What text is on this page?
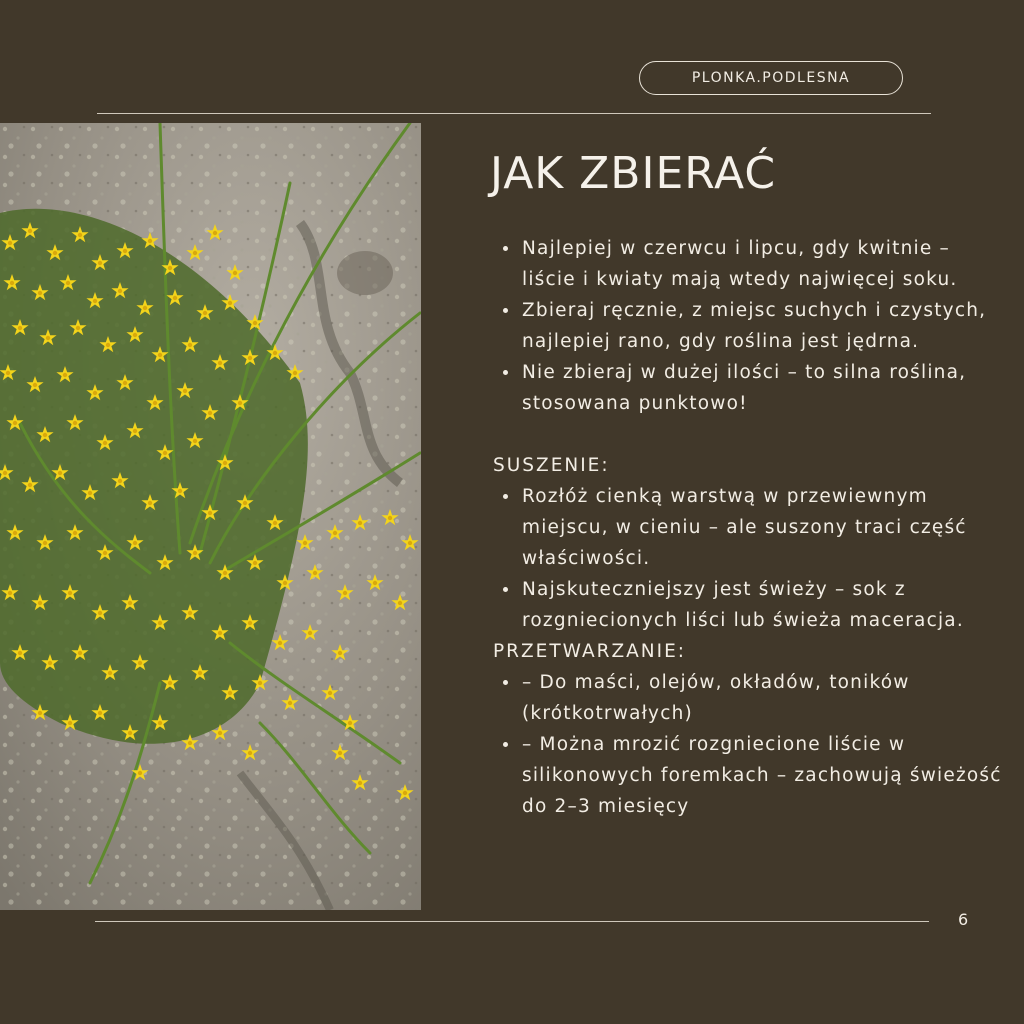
PLONKA.PODLESNA
JAK ZBIERAĆ
Najlepiej w czerwcu i lipcu, gdy kwitnie – liście i kwiaty mają wtedy najwięcej soku.
Zbieraj ręcznie, z miejsc suchych i czystych, najlepiej rano, gdy roślina jest jędrna.
Nie zbieraj w dużej ilości – to silna roślina, stosowana punktowo!
SUSZENIE:
Rozłóż cienką warstwą w przewiewnym miejscu, w cieniu – ale suszony traci część właściwości.
Najskuteczniejszy jest świeży – sok z rozgniecionych liści lub świeża maceracja.
PRZETWARZANIE:
– Do maści, olejów, okładów, toników (krótkotrwałych)
– Można mrozić rozgniecione liście w silikonowych foremkach – zachowują świeżość do 2–3 miesięcy
6
